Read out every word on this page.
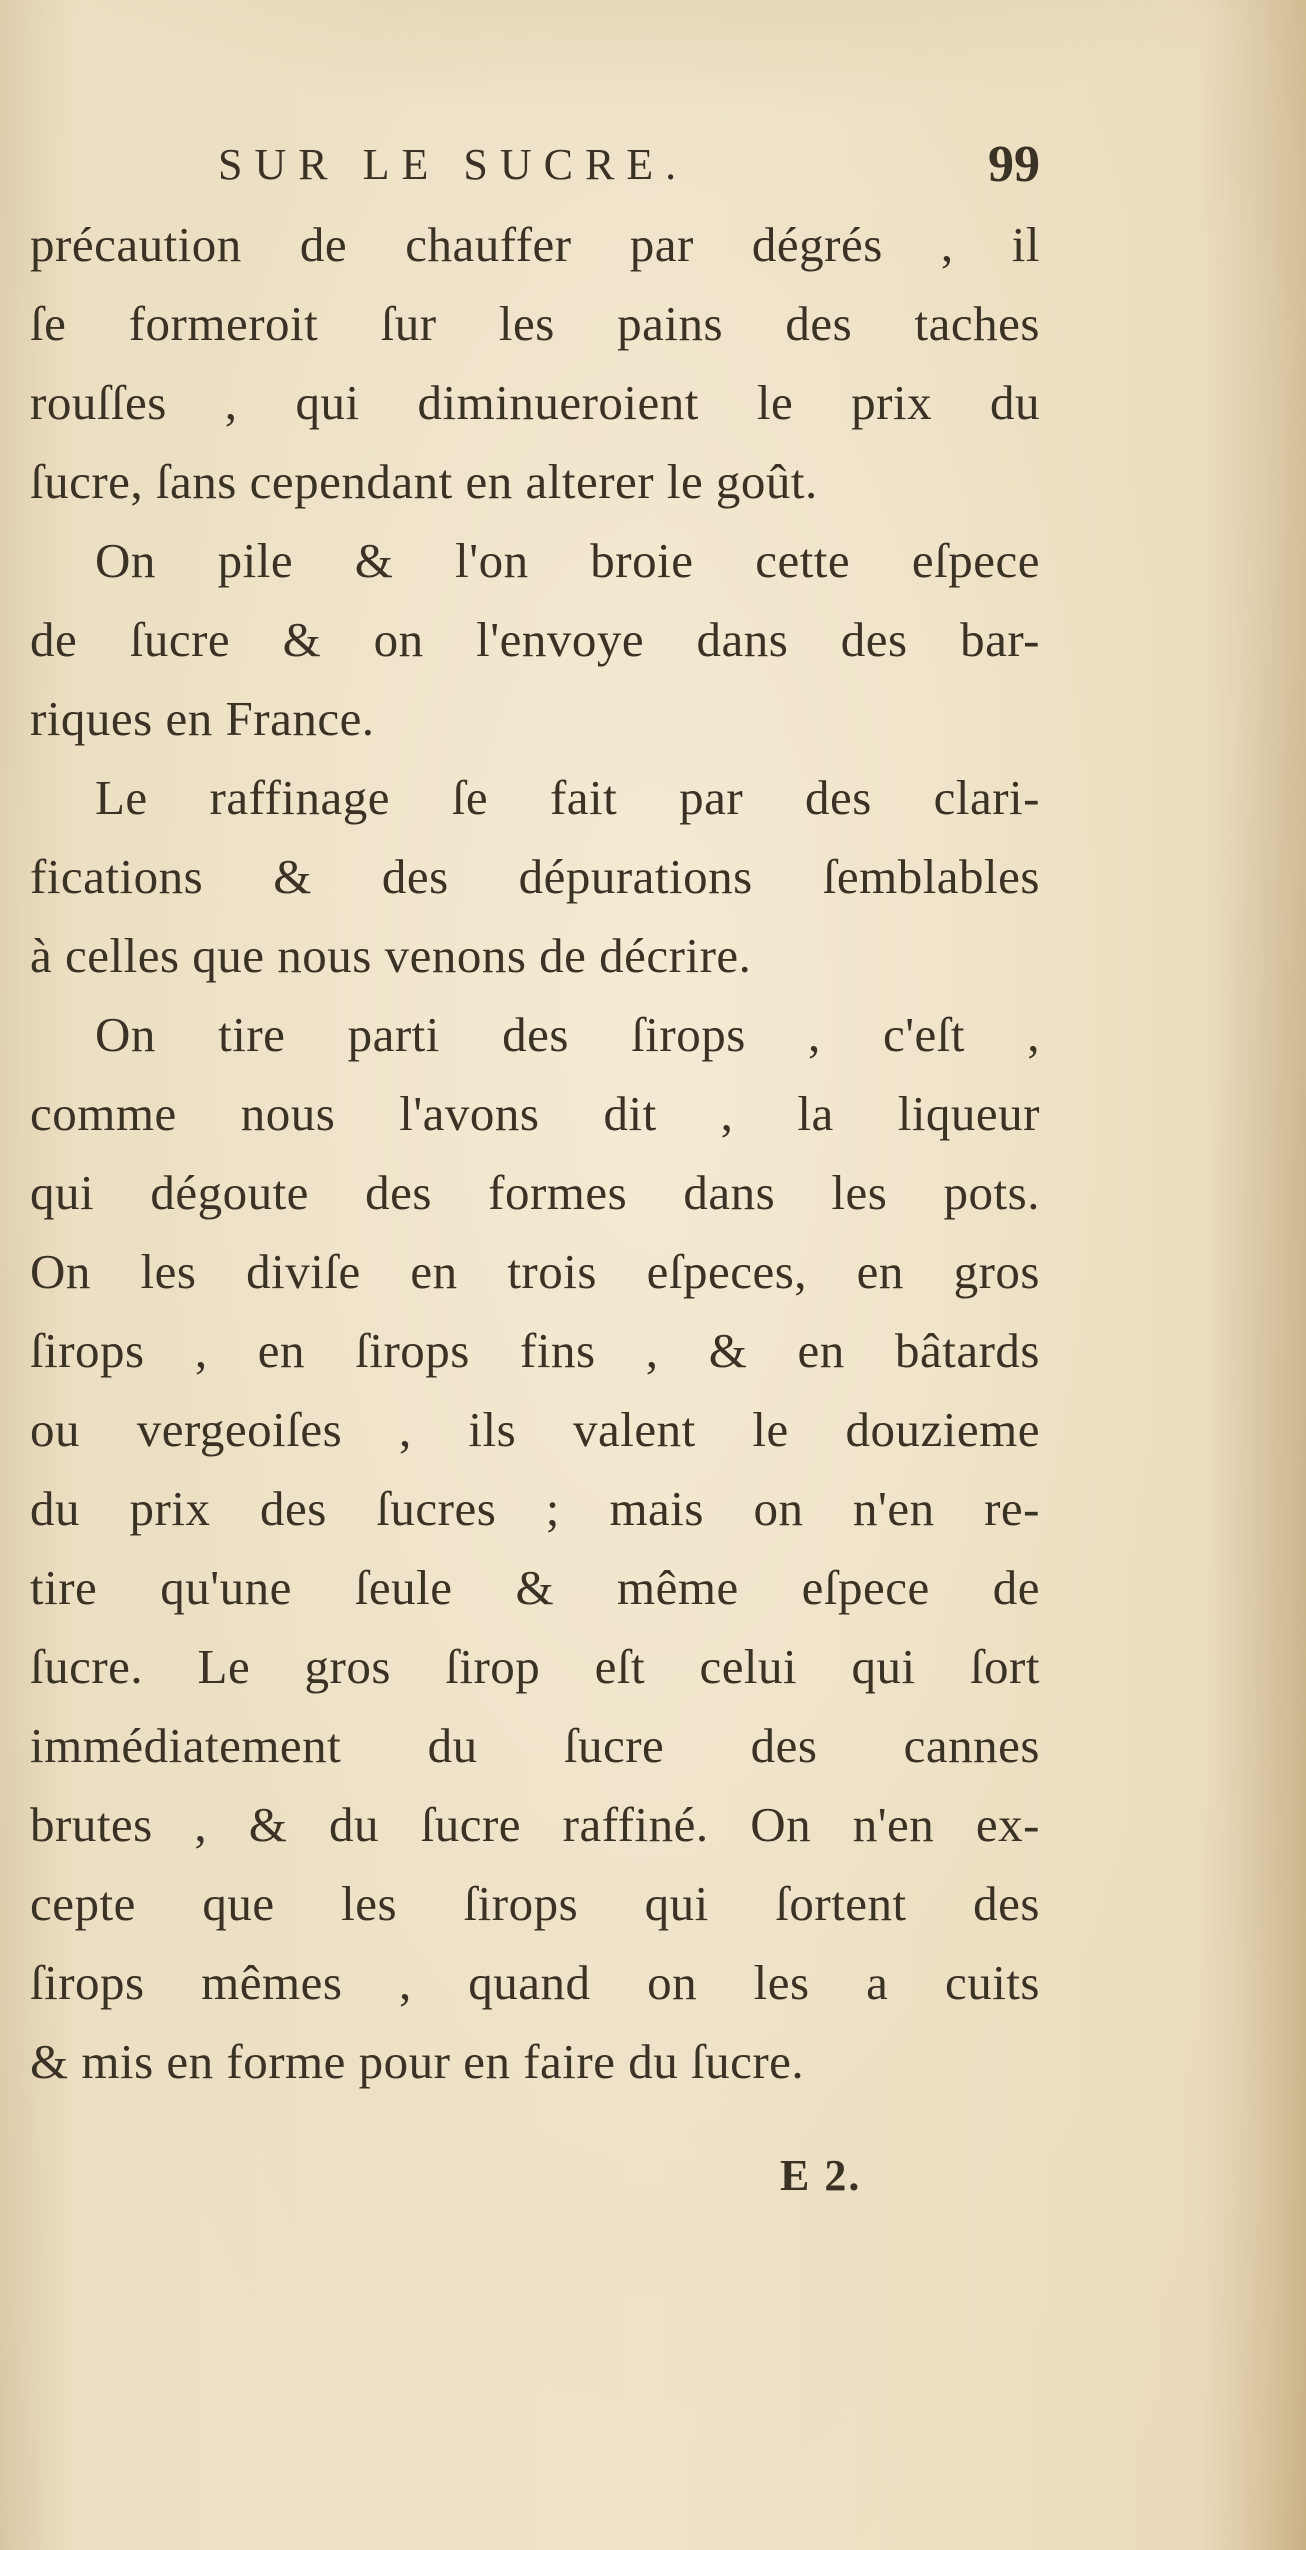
SUR LE SUCRE.	99
précaution de chauffer par dégrés , il
ſe formeroit ſur les pains des taches
rouſſes , qui diminueroient le prix du
ſucre, ſans cependant en alterer le goût.
On pile & l'on broie cette eſpece
de ſucre & on l'envoye dans des bar-
riques en France.
Le raffinage ſe fait par des clari-
fications & des dépurations ſemblables
à celles que nous venons de décrire.
On tire parti des ſirops , c'eſt ,
comme nous l'avons dit , la liqueur
qui dégoute des formes dans les pots.
On les diviſe en trois eſpeces, en gros
ſirops , en ſirops fins , & en bâtards
ou vergeoiſes , ils valent le douzieme
du prix des ſucres ; mais on n'en re-
tire qu'une ſeule & même eſpece de
ſucre. Le gros ſirop eſt celui qui ſort
immédiatement du ſucre des cannes
brutes , & du ſucre raffiné. On n'en ex-
cepte que les ſirops qui ſortent des
ſirops mêmes , quand on les a cuits
& mis en forme pour en faire du ſucre.
E 2.
